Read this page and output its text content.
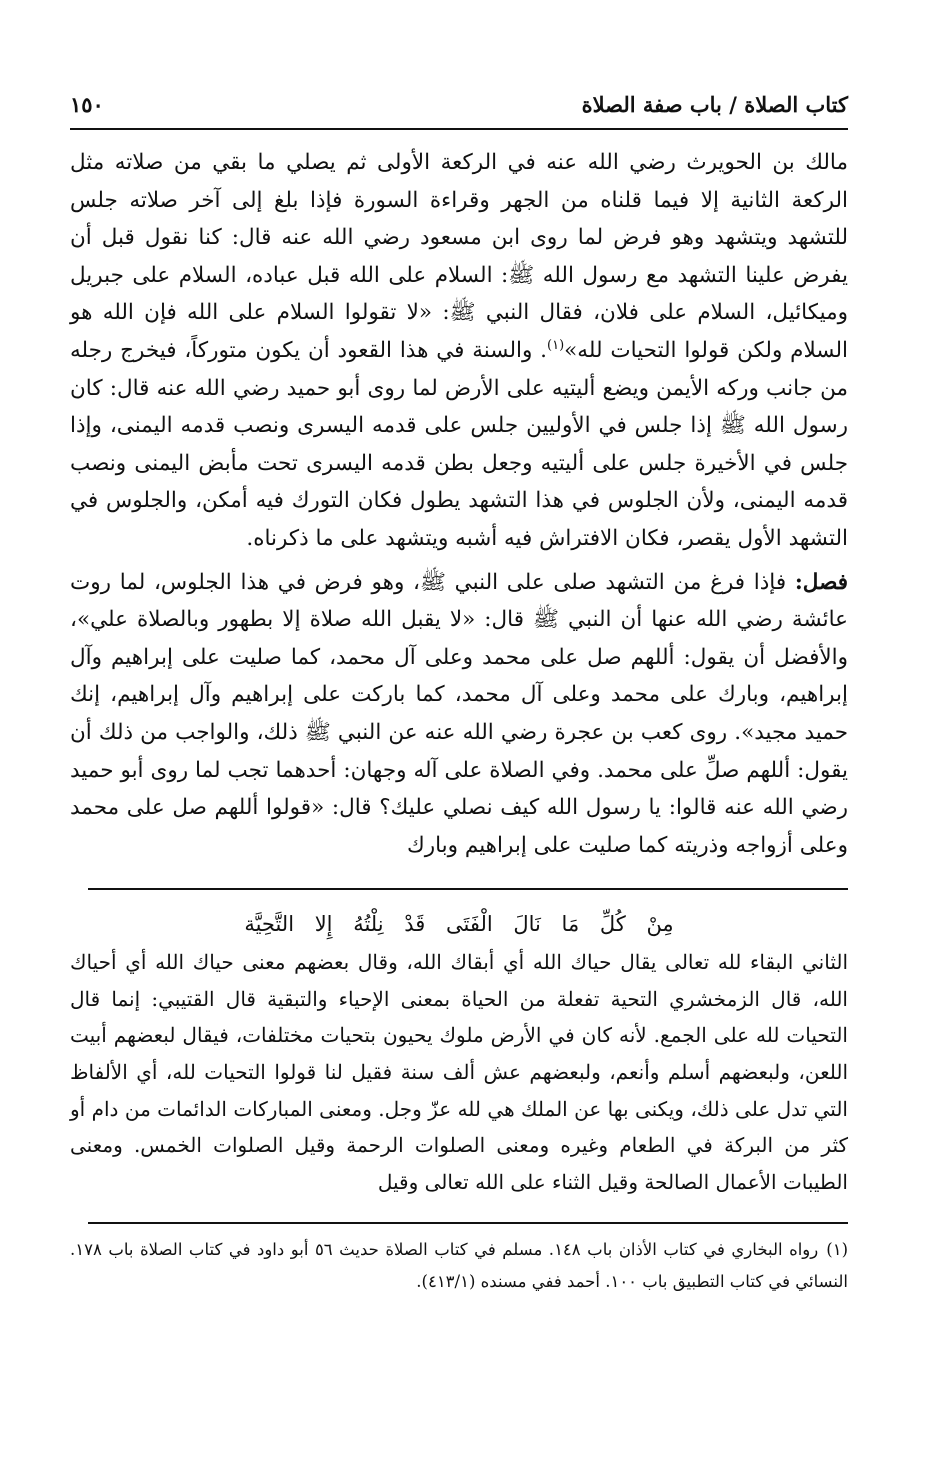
كتاب الصلاة / باب صفة الصلاة
١٥٠

مالك بن الحويرث رضي الله عنه في الركعة الأولى ثم يصلي ما بقي من صلاته مثل الركعة الثانية إلا فيما قلناه من الجهر وقراءة السورة فإذا بلغ إلى آخر صلاته جلس للتشهد ويتشهد وهو فرض لما روى ابن مسعود رضي الله عنه قال: كنا نقول قبل أن يفرض علينا التشهد مع رسول الله ﷺ: السلام على الله قبل عباده، السلام على جبريل وميكائيل، السلام على فلان، فقال النبي ﷺ: «لا تقولوا السلام على الله فإن الله هو السلام ولكن قولوا التحيات لله»$^{(١)}$. والسنة في هذا القعود أن يكون متوركاً، فيخرج رجله من جانب وركه الأيمن ويضع أليتيه على الأرض لما روى أبو حميد رضي الله عنه قال: كان رسول الله ﷺ إذا جلس في الأوليين جلس على قدمه اليسرى ونصب قدمه اليمنى، وإذا جلس في الأخيرة جلس على أليتيه وجعل بطن قدمه اليسرى تحت مأبض اليمنى ونصب قدمه اليمنى، ولأن الجلوس في هذا التشهد يطول فكان التورك فيه أمكن، والجلوس في التشهد الأول يقصر، فكان الافتراش فيه أشبه ويتشهد على ما ذكرناه.

فصل: فإذا فرغ من التشهد صلى على النبي ﷺ، وهو فرض في هذا الجلوس، لما روت عائشة رضي الله عنها أن النبي ﷺ قال: «لا يقبل الله صلاة إلا بطهور وبالصلاة علي»، والأفضل أن يقول: أللهم صل على محمد وعلى آل محمد، كما صليت على إبراهيم وآل إبراهيم، وبارك على محمد وعلى آل محمد، كما باركت على إبراهيم وآل إبراهيم، إنك حميد مجيد». روى كعب بن عجرة رضي الله عنه عن النبي ﷺ ذلك، والواجب من ذلك أن يقول: أللهم صلِّ على محمد. وفي الصلاة على آله وجهان: أحدهما تجب لما روى أبو حميد رضي الله عنه قالوا: يا رسول الله كيف نصلي عليك؟ قال: «قولوا أللهم صل على محمد وعلى أزواجه وذريته كما صليت على إبراهيم وبارك

مِنْ كُلِّ مَا نَالَ الْفَتَى قَدْ نِلْتُهُ إِلا التَّحِيَّة

الثاني البقاء لله تعالى يقال حياك الله أي أبقاك الله، وقال بعضهم معنى حياك الله أي أحياك الله، قال الزمخشري التحية تفعلة من الحياة بمعنى الإحياء والتبقية قال القتيبي: إنما قال التحيات لله على الجمع. لأنه كان في الأرض ملوك يحيون بتحيات مختلفات، فيقال لبعضهم أبيت اللعن، ولبعضهم أسلم وأنعم، ولبعضهم عش ألف سنة فقيل لنا قولوا التحيات لله، أي الألفاظ التي تدل على ذلك، ويكنى بها عن الملك هي لله عزّ وجل. ومعنى المباركات الدائمات من دام أو كثر من البركة في الطعام وغيره ومعنى الصلوات الرحمة وقيل الصلوات الخمس. ومعنى الطيبات الأعمال الصالحة وقيل الثناء على الله تعالى وقيل

(١)رواه البخاري في كتاب الأذان باب ١٤٨. مسلم في كتاب الصلاة حديث ٥٦ أبو داود في كتاب الصلاة باب ١٧٨. النسائي في كتاب التطبيق باب ١٠٠. أحمد ففي مسنده (٤١٣/١).
